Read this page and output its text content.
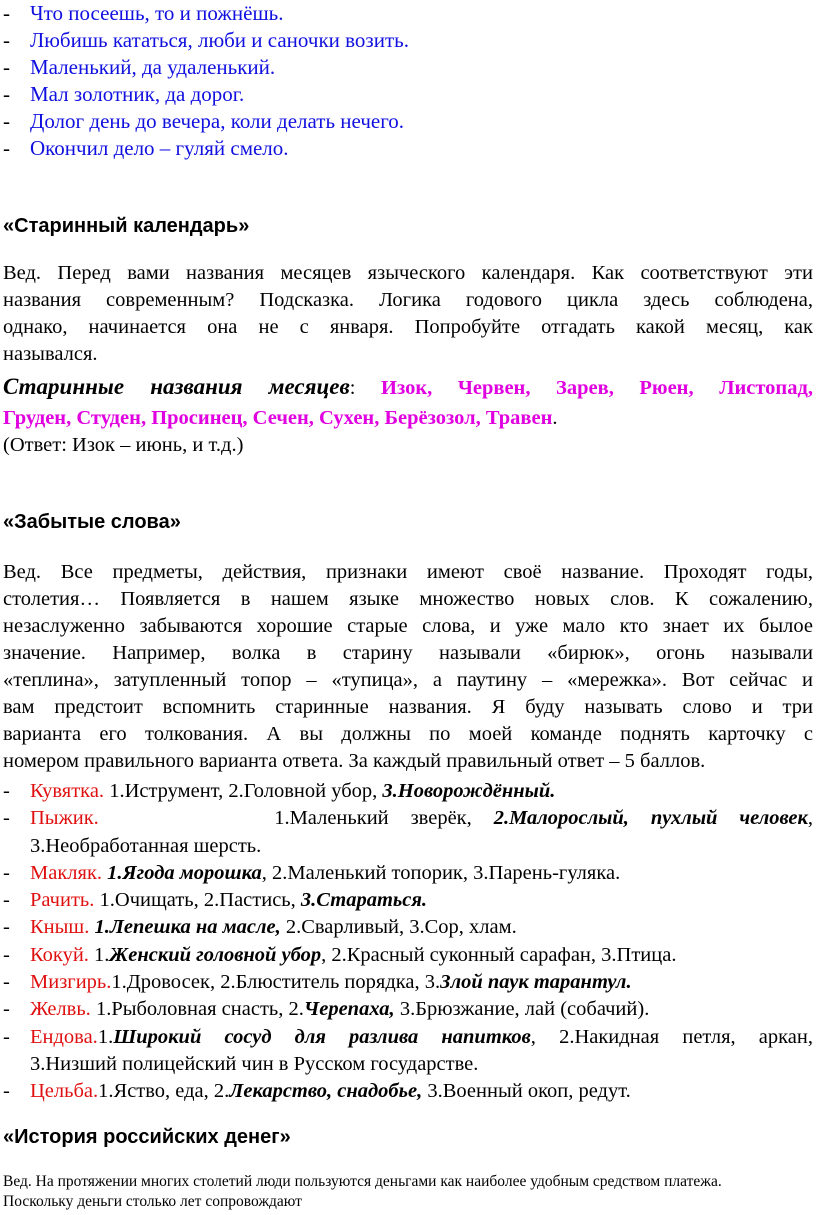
- Что посеешь, то и пожнёшь.
- Любишь кататься, люби и саночки возить.
- Маленький, да удаленький.
- Мал золотник, да дорог.
- Долог день до вечера, коли делать нечего.
- Окончил дело – гуляй смело.
«Старинный календарь»
Вед. Перед вами названия месяцев языческого календаря. Как соответствуют эти
названия современным? Подсказка. Логика годового цикла здесь соблюдена,
однако, начинается она не с января. Попробуйте отгадать какой месяц, как
назывался.
Старинные названия месяцев: Изок, Червен, Зарев, Рюен, Листопад,
Груден, Студен, Просинец, Сечен, Сухен, Берёзозол, Травен.
(Ответ: Изок – июнь, и т.д.)
«Забытые слова»
Вед. Все предметы, действия, признаки имеют своё название. Проходят годы,
столетия… Появляется в нашем языке множество новых слов. К сожалению,
незаслуженно забываются хорошие старые слова, и уже мало кто знает их былое
значение. Например, волка в старину называли «бирюк», огонь называли
«теплина», затупленный топор – «тупица», а паутину – «мережка». Вот сейчас и
вам предстоит вспомнить старинные названия. Я буду называть слово и три
варианта его толкования. А вы должны по моей команде поднять карточку с
номером правильного варианта ответа. За каждый правильный ответ – 5 баллов.
- Кувятка. 1.Иструмент, 2.Головной убор, 3.Новорождённый.
- Пыжик.        1.Маленький зверёк, 2.Малорослый, пухлый человек,
3.Необработанная шерсть.
- Макляк. 1.Ягода морошка, 2.Маленький топорик, 3.Парень-гуляка.
- Рачить. 1.Очищать, 2.Пастись, 3.Стараться.
- Кныш. 1.Лепешка на масле, 2.Сварливый, 3.Сор, хлам.
- Кокуй. 1.Женский головной убор, 2.Красный суконный сарафан, 3.Птица.
- Мизгирь.1.Дровосек, 2.Блюститель порядка, 3.Злой паук тарантул.
- Желвь. 1.Рыболовная снасть, 2.Черепаха, 3.Брюзжание, лай (собачий).
- Ендова.1.Широкий сосуд для разлива напитков, 2.Накидная петля, аркан,
3.Низший полицейский чин в Русском государстве.
- Цельба.1.Яство, еда, 2.Лекарство, снадобье, 3.Военный окоп, редут.
«История российских денег»
Вед. На протяжении многих столетий люди пользуются деньгами как наиболее удобным средством платежа.
Поскольку деньги столько лет сопровождают
